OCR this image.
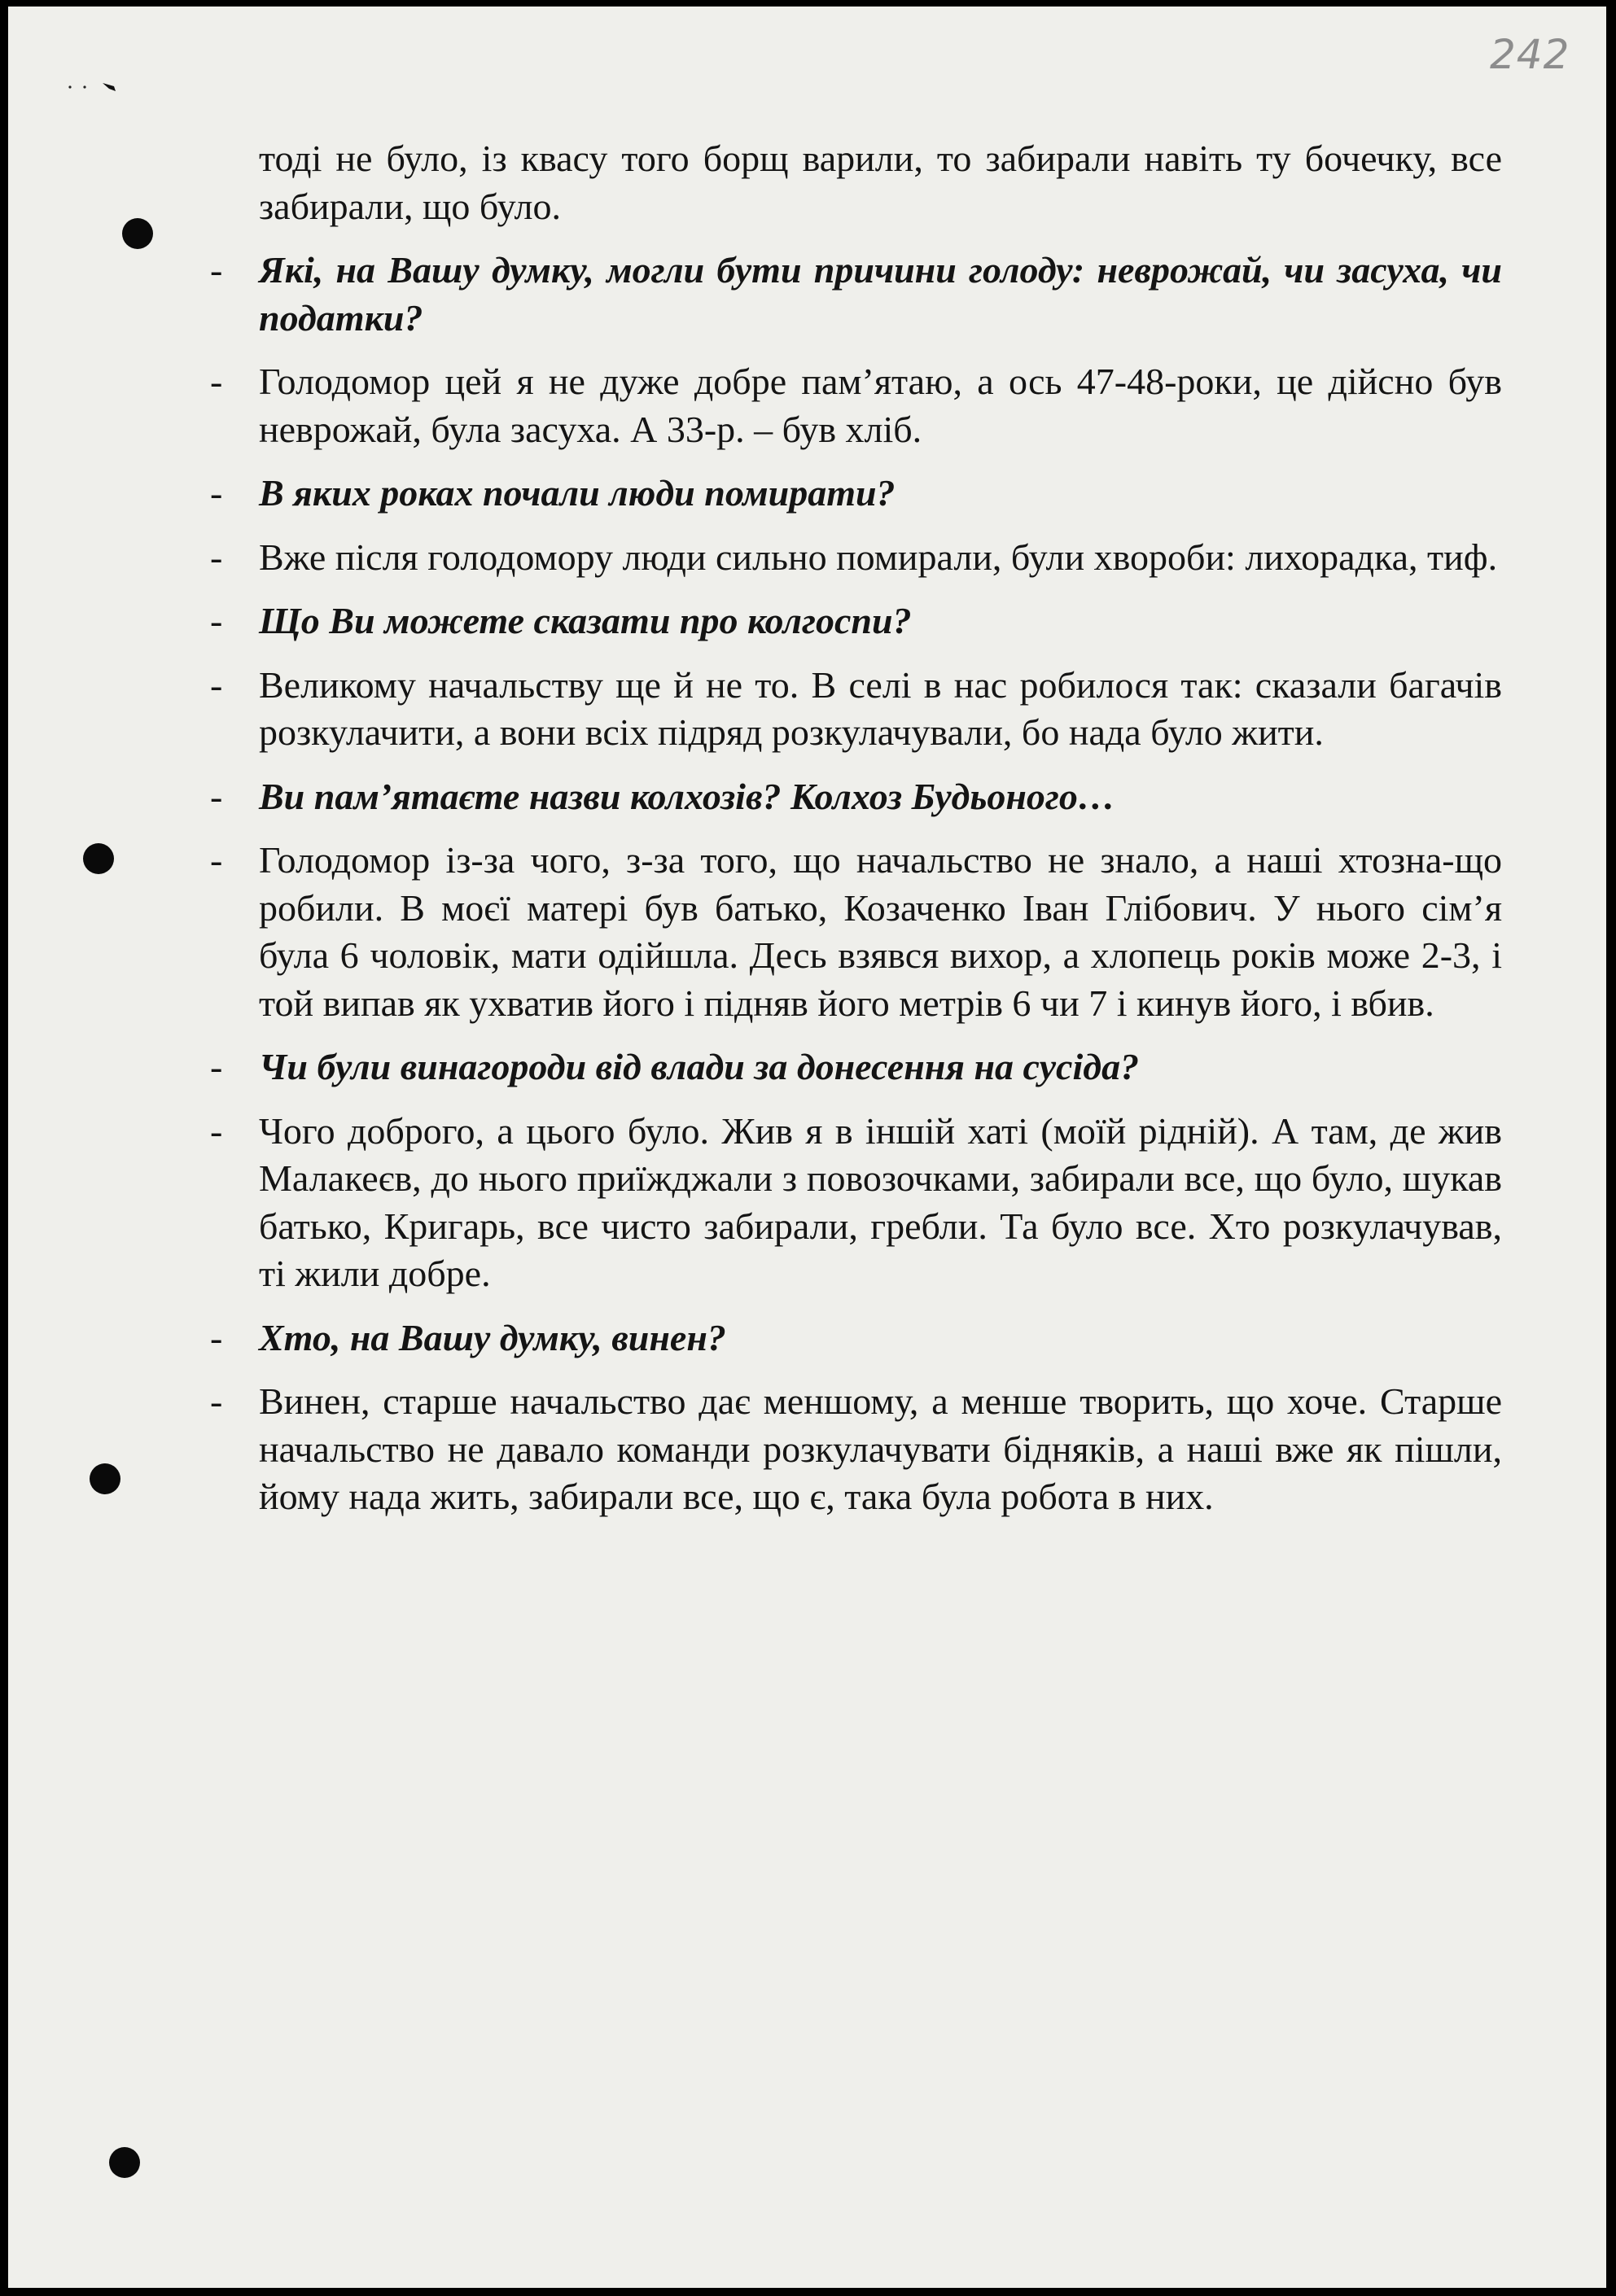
242
тоді не було, із квасу того борщ варили, то забирали навіть ту бочечку, все забирали, що було.
- Які, на Вашу думку, могли бути причини голоду: неврожай, чи засуха, чи податки?
- Голодомор цей я не дуже добре пам’ятаю, а ось 47-48-роки, це дійсно був неврожай, була засуха. А 33-р. – був хліб.
- В яких роках почали люди помирати?
- Вже після голодомору люди сильно помирали, були хвороби: лихорадка, тиф.
- Що Ви можете сказати про колгоспи?
- Великому начальству ще й не то. В селі в нас робилося так: сказали багачів розкулачити, а вони всіх підряд розкулачували, бо нада було жити.
- Ви пам’ятаєте назви колхозів? Колхоз Будьоного…
- Голодомор із-за чого, з-за того, що начальство не знало, а наші хтозна-що робили. В моєї матері був батько, Козаченко Іван Глібович. У нього сім’я була 6 чоловік, мати одійшла. Десь взявся вихор, а хлопець років може 2-3, і той випав як ухватив його і підняв його метрів 6 чи 7 і кинув його, і вбив.
- Чи були винагороди від влади за донесення на сусіда?
- Чого доброго, а цього було. Жив я в іншій хаті (моїй рідній). А там, де жив Малакеєв, до нього приїжджали з повозочками, забирали все, що було, шукав батько, Кригарь, все чисто забирали, гребли. Та було все. Хто розкулачував, ті жили добре.
- Хто, на Вашу думку, винен?
- Винен, старше начальство дає меншому, а менше творить, що хоче. Старше начальство не давало команди розкулачувати бідняків, а наші вже як пішли, йому нада жить, забирали все, що є, така була робота в них.
